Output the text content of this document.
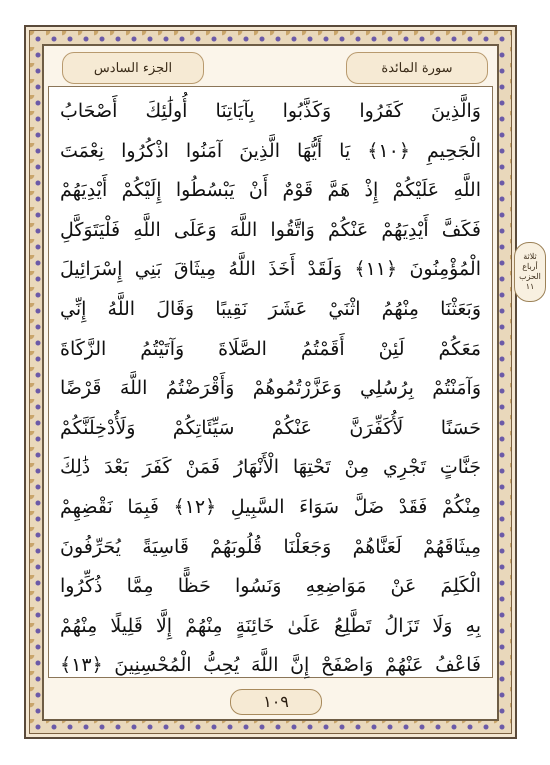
الجزء السادس	سورة المائدة
وَالَّذِينَ كَفَرُوا وَكَذَّبُوا بِآيَاتِنَا أُولَٰئِكَ أَصْحَابُ
الْجَحِيمِ ﴿١٠﴾ يَا أَيُّهَا الَّذِينَ آمَنُوا اذْكُرُوا نِعْمَتَ
اللَّهِ عَلَيْكُمْ إِذْ هَمَّ قَوْمٌ أَنْ يَبْسُطُوا إِلَيْكُمْ أَيْدِيَهُمْ
فَكَفَّ أَيْدِيَهُمْ عَنْكُمْ وَاتَّقُوا اللَّهَ وَعَلَى اللَّهِ فَلْيَتَوَكَّلِ
الْمُؤْمِنُونَ ﴿١١﴾ وَلَقَدْ أَخَذَ اللَّهُ مِيثَاقَ بَنِي إِسْرَائِيلَ
وَبَعَثْنَا مِنْهُمُ اثْنَيْ عَشَرَ نَقِيبًا وَقَالَ اللَّهُ إِنِّي
مَعَكُمْ لَئِنْ أَقَمْتُمُ الصَّلَاةَ وَآتَيْتُمُ الزَّكَاةَ
وَآمَنْتُمْ بِرُسُلِي وَعَزَّرْتُمُوهُمْ وَأَقْرَضْتُمُ اللَّهَ قَرْضًا
حَسَنًا لَأُكَفِّرَنَّ عَنْكُمْ سَيِّئَاتِكُمْ وَلَأُدْخِلَنَّكُمْ
جَنَّاتٍ تَجْرِي مِنْ تَحْتِهَا الْأَنْهَارُ فَمَنْ كَفَرَ بَعْدَ ذَٰلِكَ
مِنْكُمْ فَقَدْ ضَلَّ سَوَاءَ السَّبِيلِ ﴿١٢﴾ فَبِمَا نَقْضِهِمْ
مِيثَاقَهُمْ لَعَنَّاهُمْ وَجَعَلْنَا قُلُوبَهُمْ قَاسِيَةً يُحَرِّفُونَ
الْكَلِمَ عَنْ مَوَاضِعِهِ وَنَسُوا حَظًّا مِمَّا ذُكِّرُوا
بِهِ وَلَا تَزَالُ تَطَّلِعُ عَلَىٰ خَائِنَةٍ مِنْهُمْ إِلَّا قَلِيلًا مِنْهُمْ
فَاعْفُ عَنْهُمْ وَاصْفَحْ إِنَّ اللَّهَ يُحِبُّ الْمُحْسِنِينَ ﴿١٣﴾
ثلاثة أرباع
الحزب
١١
١٠٩
